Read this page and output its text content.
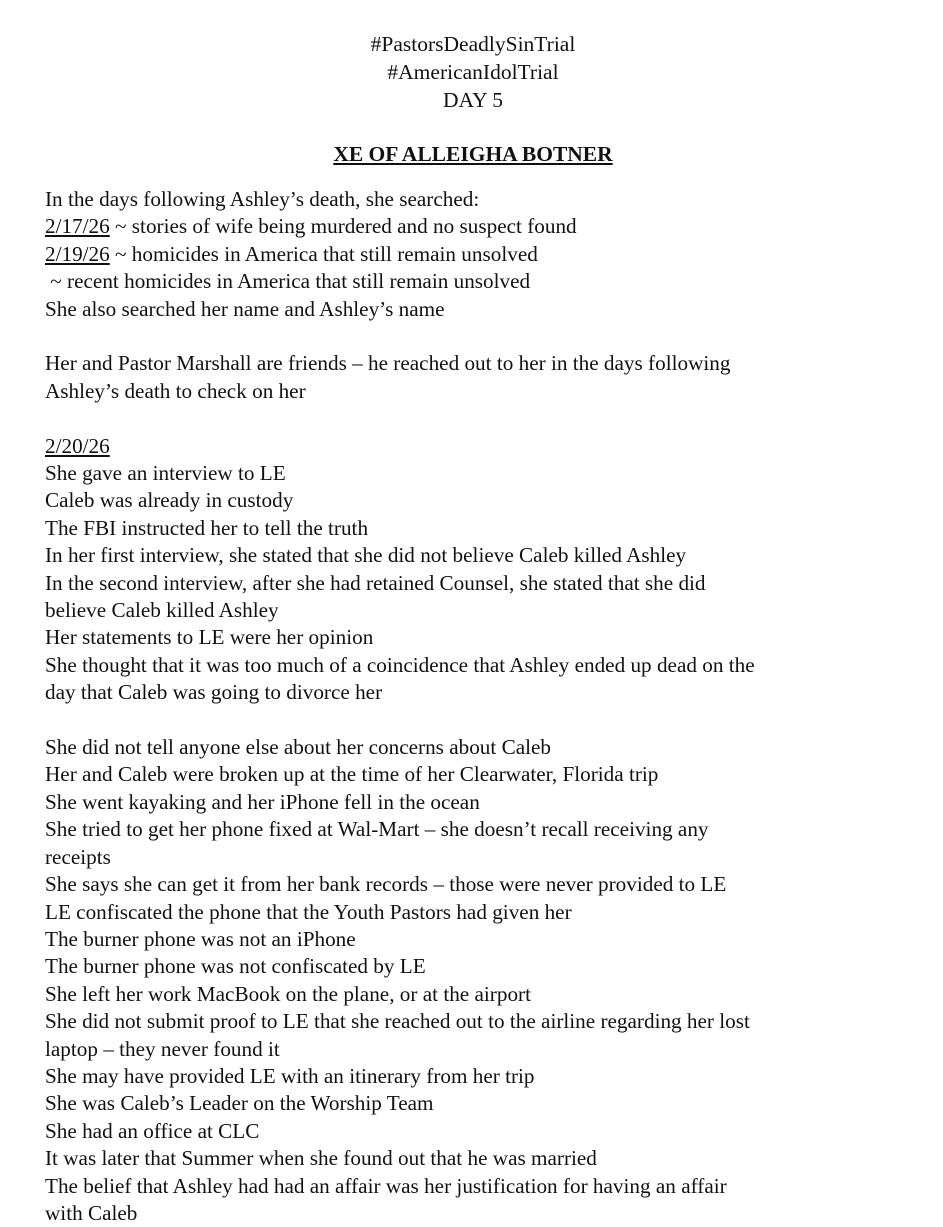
#PastorsDeadlySinTrial
#AmericanIdolTrial
DAY 5
XE OF ALLEIGHA BOTNER

In the days following Ashley’s death, she searched:

2/17/26 ~ stories of wife being murdered and no suspect found

2/19/26 ~ homicides in America that still remain unsolved

~ recent homicides in America that still remain unsolved

She also searched her name and Ashley’s name

Her and Pastor Marshall are friends – he reached out to her in the days following

Ashley’s death to check on her

2/20/26

She gave an interview to LE

Caleb was already in custody

The FBI instructed her to tell the truth

In her first interview, she stated that she did not believe Caleb killed Ashley

In the second interview, after she had retained Counsel, she stated that she did

believe Caleb killed Ashley

Her statements to LE were her opinion

She thought that it was too much of a coincidence that Ashley ended up dead on the

day that Caleb was going to divorce her

She did not tell anyone else about her concerns about Caleb

Her and Caleb were broken up at the time of her Clearwater, Florida trip

She went kayaking and her iPhone fell in the ocean

She tried to get her phone fixed at Wal-Mart – she doesn’t recall receiving any

receipts

She says she can get it from her bank records – those were never provided to LE

LE confiscated the phone that the Youth Pastors had given her

The burner phone was not an iPhone

The burner phone was not confiscated by LE

She left her work MacBook on the plane, or at the airport

She did not submit proof to LE that she reached out to the airline regarding her lost

laptop – they never found it

She may have provided LE with an itinerary from her trip

She was Caleb’s Leader on the Worship Team

She had an office at CLC

It was later that Summer when she found out that he was married

The belief that Ashley had had an affair was her justification for having an affair

with Caleb
